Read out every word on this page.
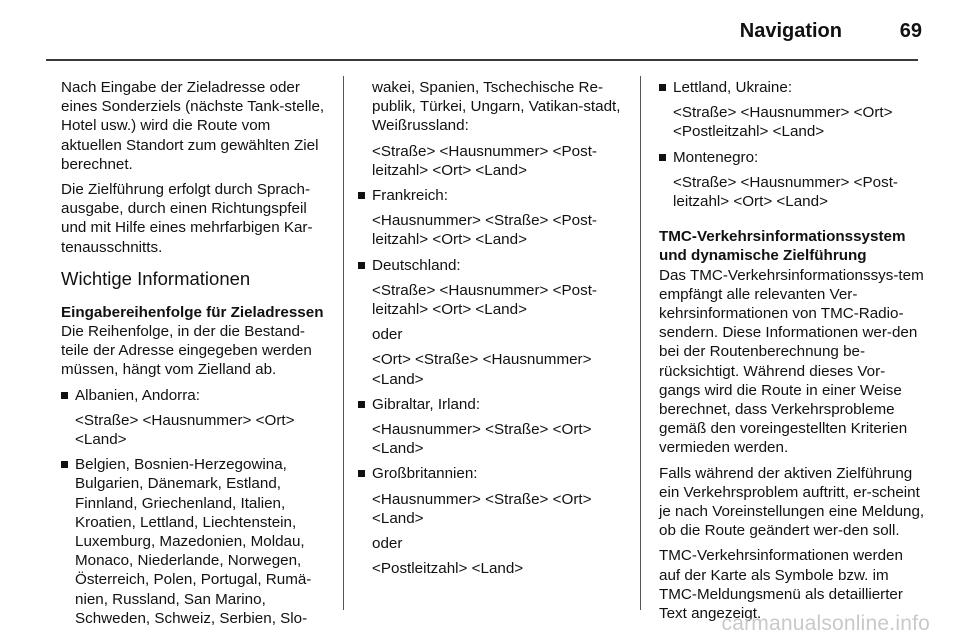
Navigation	69

Nach Eingabe der Zieladresse oder eines Sonderziels (nächste Tank-stelle, Hotel usw.) wird die Route vom aktuellen Standort zum gewählten Ziel berechnet.

Die Zielführung erfolgt durch Sprach-ausgabe, durch einen Richtungspfeil und mit Hilfe eines mehrfarbigen Kar-tenausschnitts.

Wichtige Informationen

Eingabereihenfolge für Zieladressen

Die Reihenfolge, in der die Bestand-teile der Adresse eingegeben werden müssen, hängt vom Zielland ab.

Albanien, Andorra:

<Straße> <Hausnummer> <Ort> <Land>

Belgien, Bosnien-Herzegowina, Bulgarien, Dänemark, Estland, Finnland, Griechenland, Italien, Kroatien, Lettland, Liechtenstein, Luxemburg, Mazedonien, Moldau, Monaco, Niederlande, Norwegen, Österreich, Polen, Portugal, Rumä-nien, Russland, San Marino, Schweden, Schweiz, Serbien, Slo-

wakei, Spanien, Tschechische Re-publik, Türkei, Ungarn, Vatikan-stadt, Weißrussland:

<Straße> <Hausnummer> <Post-leitzahl> <Ort> <Land>

Frankreich:

<Hausnummer> <Straße> <Post-leitzahl> <Ort> <Land>

Deutschland:

<Straße> <Hausnummer> <Post-leitzahl> <Ort> <Land>

oder

<Ort> <Straße> <Hausnummer> <Land>

Gibraltar, Irland:

<Hausnummer> <Straße> <Ort> <Land>

Großbritannien:

<Hausnummer> <Straße> <Ort> <Land>

oder

<Postleitzahl> <Land>

Lettland, Ukraine:

<Straße> <Hausnummer> <Ort> <Postleitzahl> <Land>

Montenegro:

<Straße> <Hausnummer> <Post-leitzahl> <Ort> <Land>

TMC-Verkehrsinformationssystem und dynamische Zielführung

Das TMC-Verkehrsinformationssys-tem empfängt alle relevanten Ver-kehrsinformationen von TMC-Radio-sendern. Diese Informationen wer-den bei der Routenberechnung be-rücksichtigt. Während dieses Vor-gangs wird die Route in einer Weise berechnet, dass Verkehrsprobleme gemäß den voreingestellten Kriterien vermieden werden.

Falls während der aktiven Zielführung ein Verkehrsproblem auftritt, er-scheint je nach Voreinstellungen eine Meldung, ob die Route geändert wer-den soll.

TMC-Verkehrsinformationen werden auf der Karte als Symbole bzw. im TMC-Meldungsmenü als detaillierter Text angezeigt.

carmanualsonline.info
